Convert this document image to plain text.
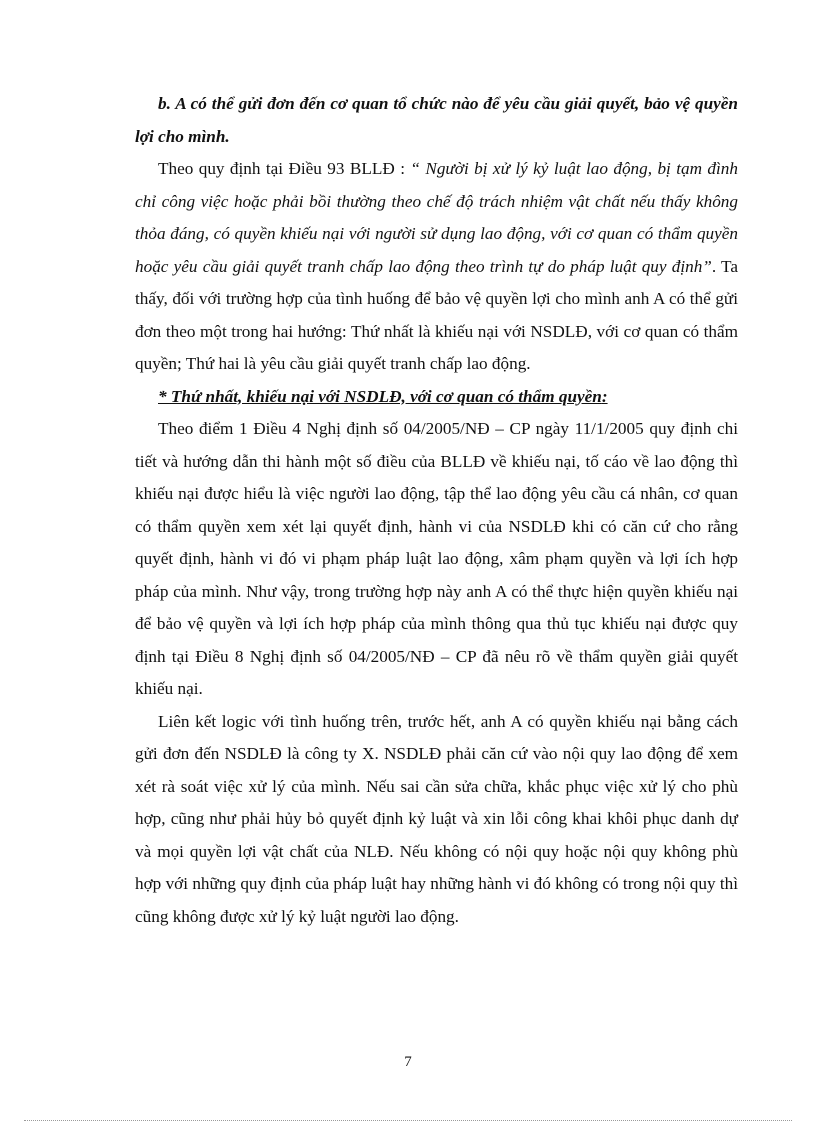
b. A có thể gửi đơn đến cơ quan tổ chức nào để yêu cầu giải quyết, bảo vệ quyền lợi cho mình.

Theo quy định tại Điều 93 BLLĐ : “ Người bị xử lý kỷ luật lao động, bị tạm đình chỉ công việc hoặc phải bồi thường theo chế độ trách nhiệm vật chất nếu thấy không thỏa đáng, có quyền khiếu nại với người sử dụng lao động, với cơ quan có thẩm quyền hoặc yêu cầu giải quyết tranh chấp lao động theo trình tự do pháp luật quy định”. Ta thấy, đối với trường hợp của tình huống để bảo vệ quyền lợi cho mình anh A có thể gửi đơn theo một trong hai hướng: Thứ nhất là khiếu nại với NSDLĐ, với cơ quan có thẩm quyền; Thứ hai là yêu cầu giải quyết tranh chấp lao động.

* Thứ nhất, khiếu nại với NSDLĐ, với cơ quan có thẩm quyền:

Theo điểm 1 Điều 4 Nghị định số 04/2005/NĐ – CP ngày 11/1/2005 quy định chi tiết và hướng dẫn thi hành một số điều của BLLĐ về khiếu nại, tố cáo về lao động thì khiếu nại được hiểu là việc người lao động, tập thể lao động yêu cầu cá nhân, cơ quan có thẩm quyền xem xét lại quyết định, hành vi của NSDLĐ khi có căn cứ cho rằng quyết định, hành vi đó vi phạm pháp luật lao động, xâm phạm quyền và lợi ích hợp pháp của mình. Như vậy, trong trường hợp này anh A có thể thực hiện quyền khiếu nại để bảo vệ quyền và lợi ích hợp pháp của mình thông qua thủ tục khiếu nại được quy định tại Điều 8 Nghị định số 04/2005/NĐ – CP đã nêu rõ về thẩm quyền giải quyết khiếu nại.

Liên kết logic với tình huống trên, trước hết, anh A có quyền khiếu nại bằng cách gửi đơn đến NSDLĐ là công ty X. NSDLĐ phải căn cứ vào nội quy lao động để xem xét rà soát việc xử lý của mình. Nếu sai cần sửa chữa, khắc phục việc xử lý cho phù hợp, cũng như phải hủy bỏ quyết định kỷ luật và xin lỗi công khai khôi phục danh dự và mọi quyền lợi vật chất của NLĐ. Nếu không có nội quy hoặc nội quy không phù hợp với những quy định của pháp luật hay những hành vi đó không có trong nội quy thì cũng không được xử lý kỷ luật người lao động.

7
